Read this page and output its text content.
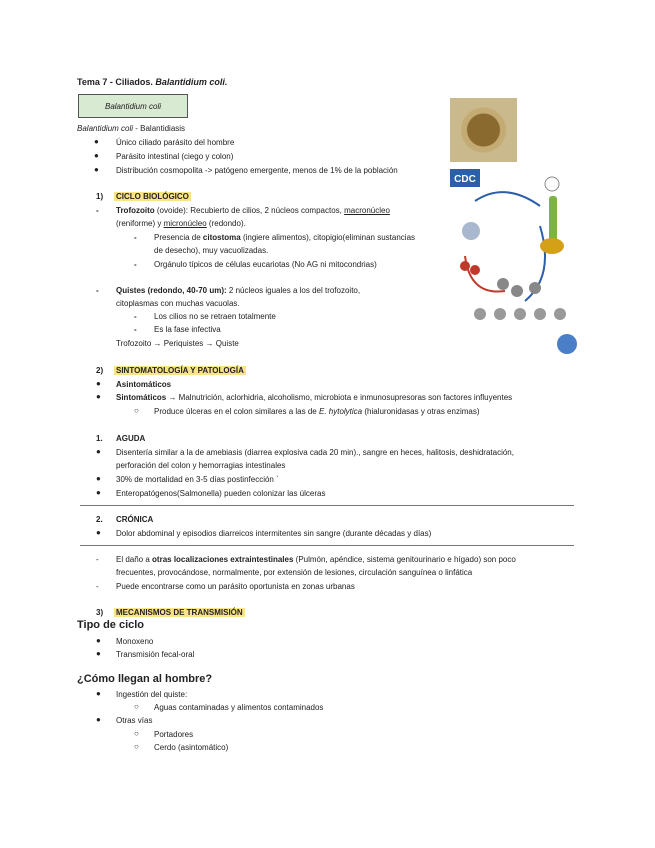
Tema 7 - Ciliados. Balantidium coli.
Balantidium coli
Balantidium coli - Balantidiasis
● Único ciliado parásito del hombre
● Parásito intestinal (ciego y colon)
● Distribución cosmopolita -> patógeno emergente, menos de 1% de la población
1) CICLO BIOLÓGICO
- Trofozoito (ovoide): Recubierto de cilios, 2 núcleos compactos, macronúcleo
(reniforme) y micronúcleo (redondo).
- Presencia de citostoma (ingiere alimentos), citopigio(eliminan sustancias
de desecho), muy vacuolizadas.
- Orgánulo típicos de células eucariotas (No AG ni mitocondrias)
- Quistes (redondo, 40-70 um): 2 núcleos iguales a los del trofozoito,
citoplasmas con muchas vacuolas.
- Los cilios no se retraen totalmente
- Es la fase infectiva
Trofozoito → Periquistes → Quiste
CDC
2) SINTOMATOLOGÍA Y PATOLOGÍA
● Asintomáticos
● Sintomáticos → Malnutrición, aclorhidria, alcoholismo, microbiota e inmunosupresoras son factores influyentes
○ Produce úlceras en el colon similares a las de E. hytolytica (hialuronidasas y otras enzimas)
1. AGUDA
● Disentería similar a la de amebiasis (diarrea explosiva cada 20 min)., sangre en heces, halitosis, deshidratación,
perforación del colon y hemorragias intestinales
● 30% de mortalidad en 3-5 días postinfección `
● Enteropatógenos(Salmonella) pueden colonizar las úlceras
2. CRÓNICA
● Dolor abdominal y episodios diarreicos intermitentes sin sangre (durante décadas y días)
- El daño a otras localizaciones extraintestinales (Pulmón, apéndice, sistema genitourinario e hígado) son poco
frecuentes, provocándose, normalmente, por extensión de lesiones, circulación sanguínea o linfática
- Puede encontrarse como un parásito oportunista en zonas urbanas
3) MECANISMOS DE TRANSMISIÓN
Tipo de ciclo
● Monoxeno
● Transmisión fecal-oral
¿Cómo llegan al hombre?
● Ingestión del quiste:
○ Aguas contaminadas y alimentos contaminados
● Otras vías
○ Portadores
○ Cerdo (asintomático)
